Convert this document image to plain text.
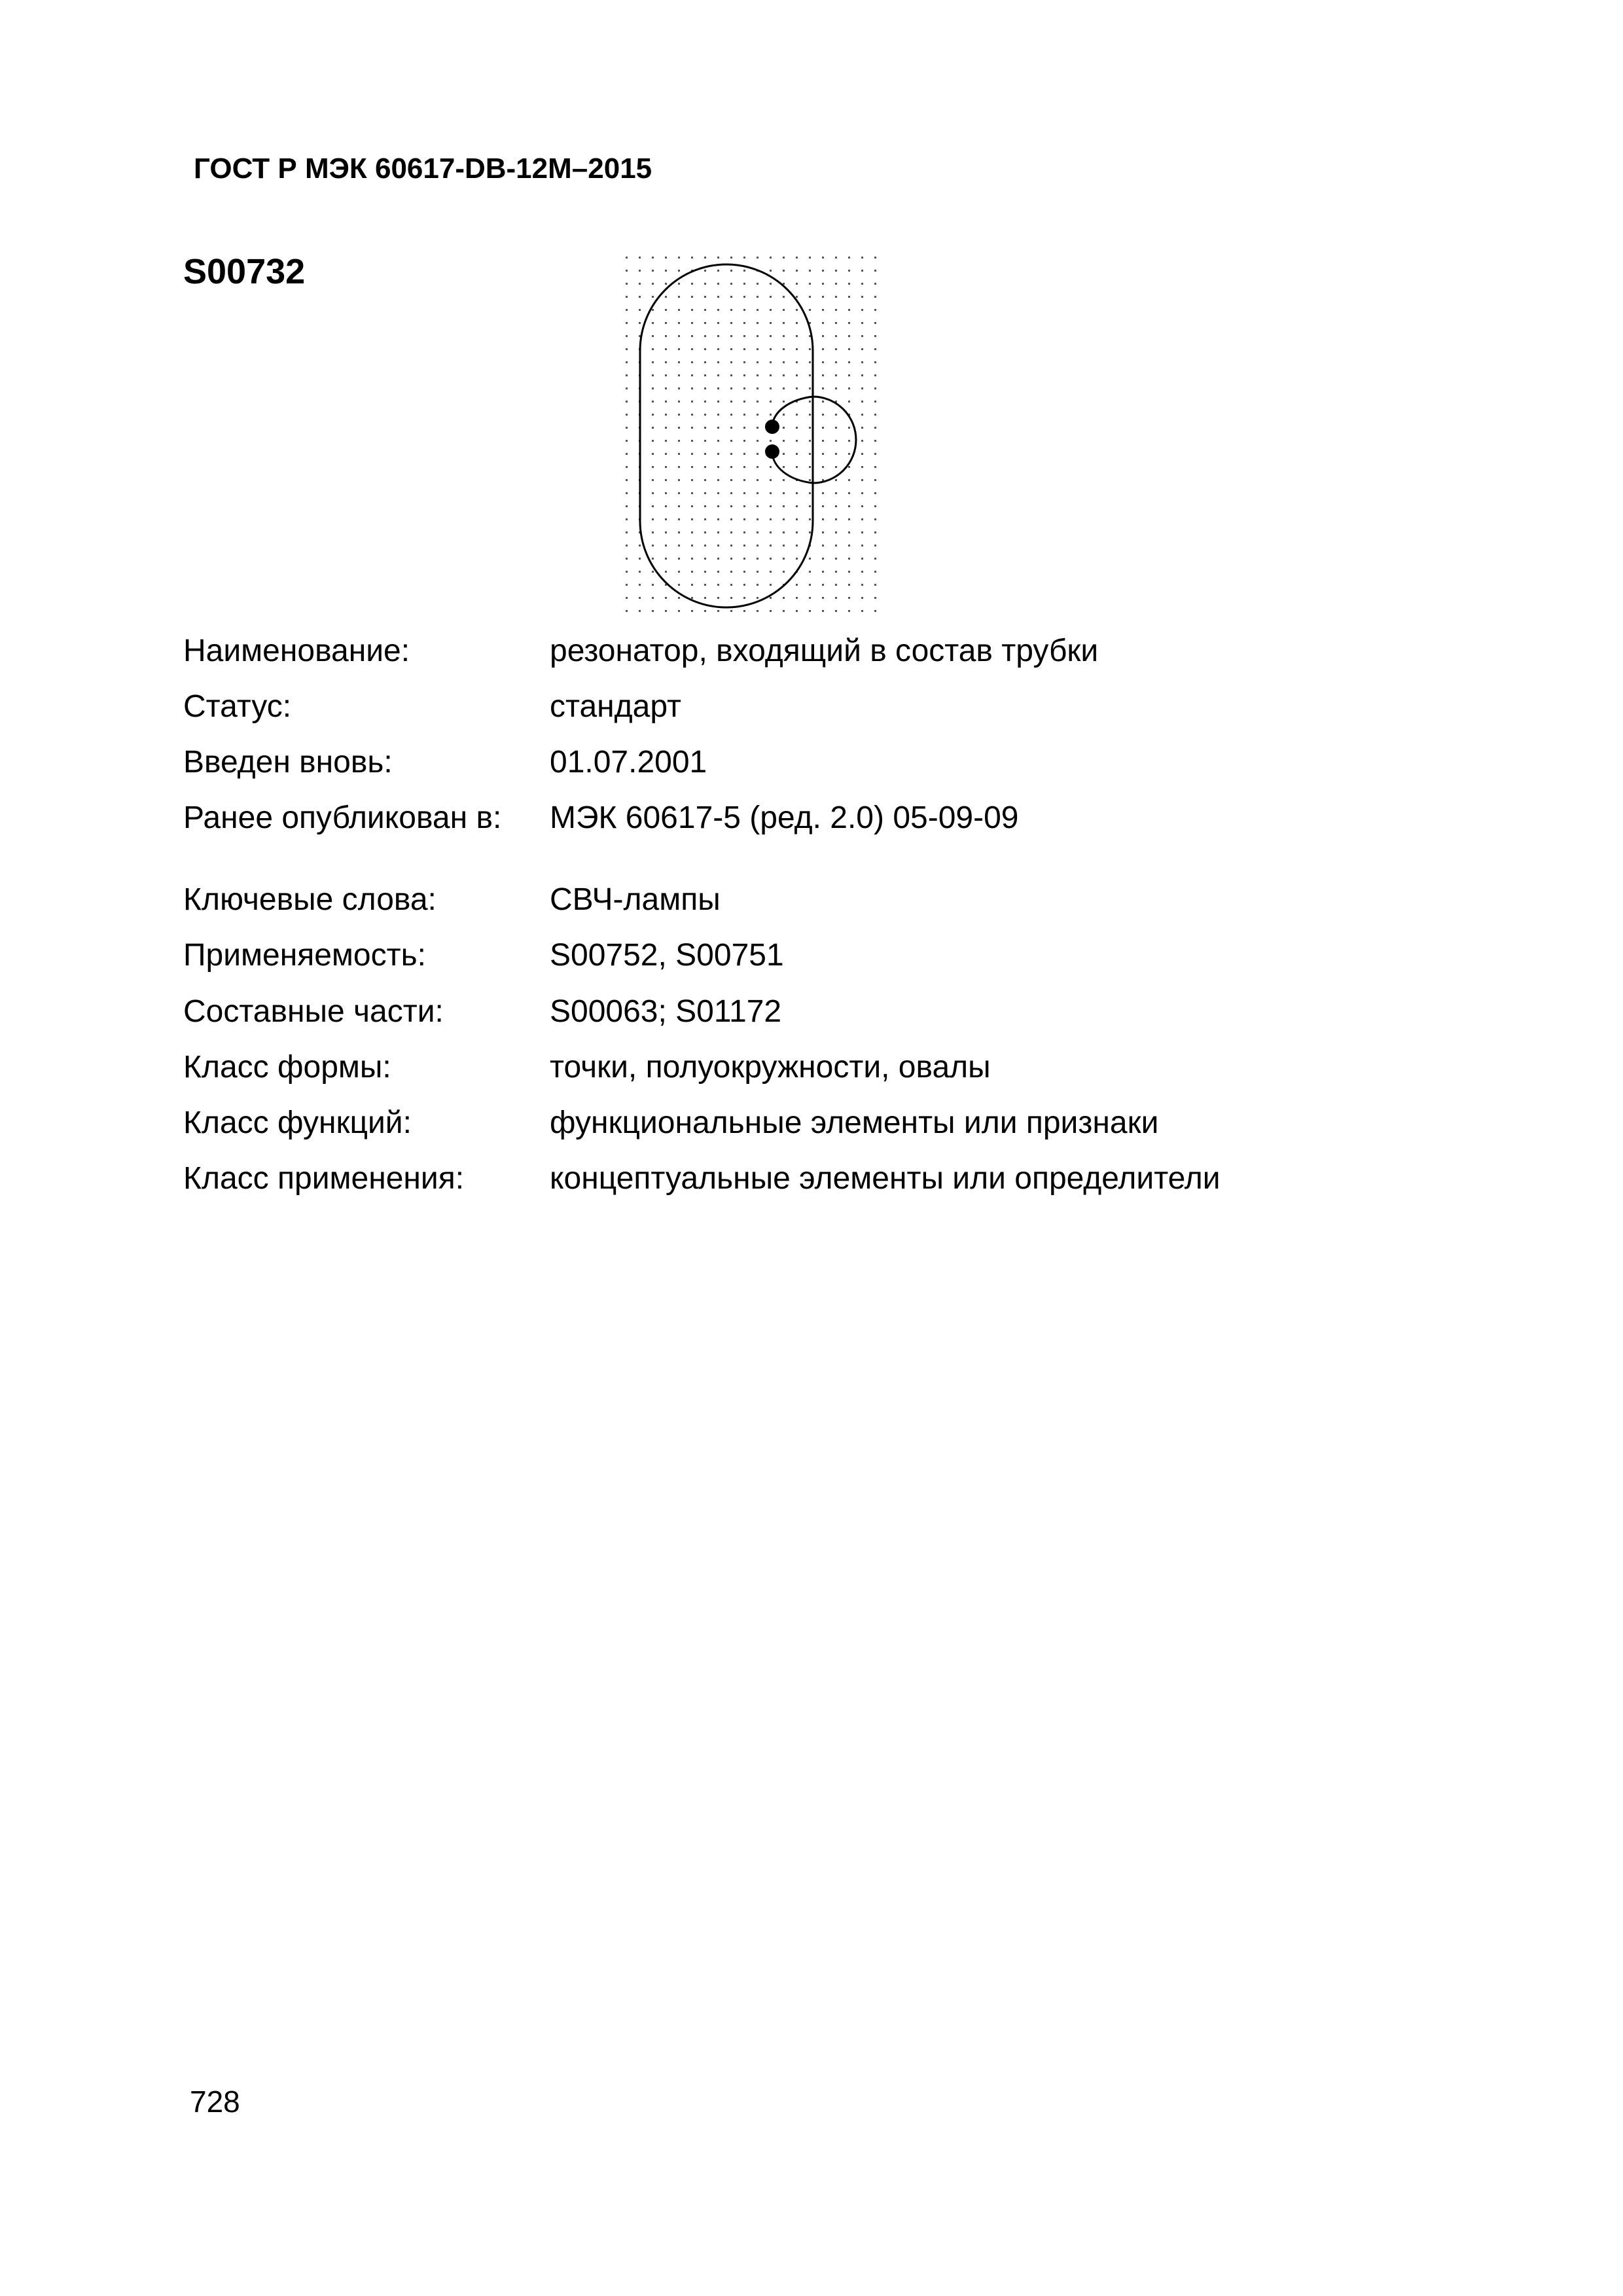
ГОСТ Р МЭК 60617-DB-12M–2015
S00732
Наименование:	резонатор, входящий в состав трубки
Статус:	стандарт
Введен вновь:	01.07.2001
Ранее опубликован в: МЭК 60617-5 (ред. 2.0) 05-09-09
Ключевые слова:	СВЧ-лампы
Применяемость:	S00752, S00751
Составные части:	S00063; S01172
Класс формы:	точки, полуокружности, овалы
Класс функций:	функциональные элементы или признаки
Класс применения:	концептуальные элементы или определители
728
